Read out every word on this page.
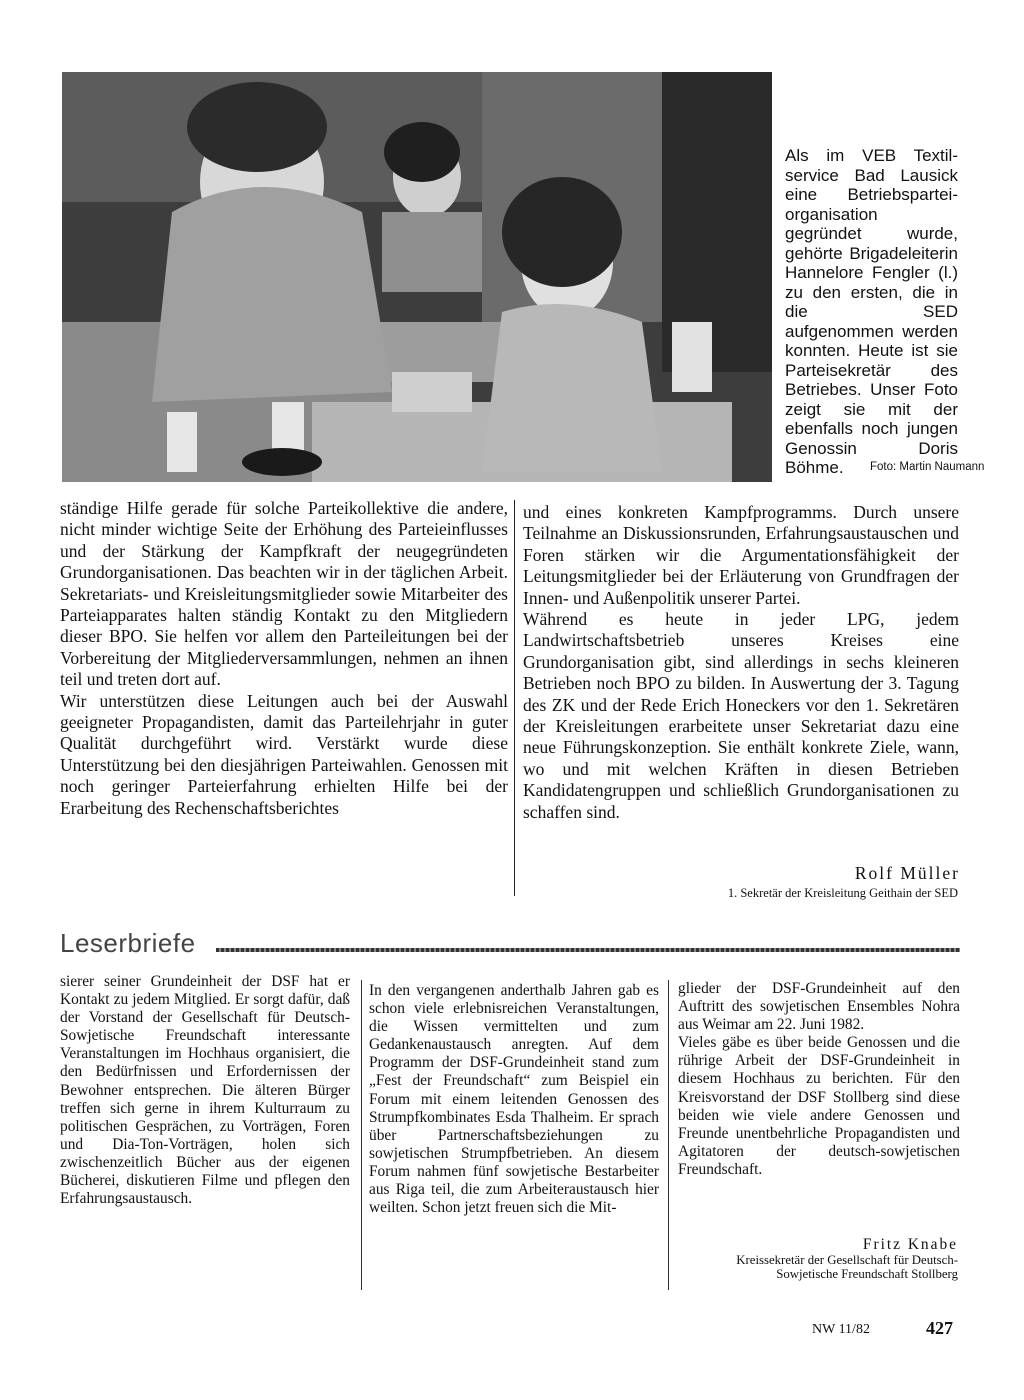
Als im VEB Textil-service Bad Lausick eine Betriebspartei-organisation gegründet wurde, gehörte Brigadeleiterin Hannelore Fengler (l.) zu den ersten, die in die SED aufgenommen werden konnten. Heute ist sie Parteisekretär des Betriebes. Unser Foto zeigt sie mit der ebenfalls noch jungen Genossin Doris Böhme.	Foto: Martin Naumann

ständige Hilfe gerade für solche Parteikollektive die andere, nicht minder wichtige Seite der Erhöhung des Parteieinflusses und der Stärkung der Kampfkraft der neugegründeten Grundorganisationen. Das beachten wir in der täglichen Arbeit. Sekretariats- und Kreisleitungsmitglieder sowie Mitarbeiter des Parteiapparates halten ständig Kontakt zu den Mitgliedern dieser BPO. Sie helfen vor allem den Parteileitungen bei der Vorbereitung der Mitgliederversammlungen, nehmen an ihnen teil und treten dort auf.

Wir unterstützen diese Leitungen auch bei der Auswahl geeigneter Propagandisten, damit das Parteilehrjahr in guter Qualität durchgeführt wird. Verstärkt wurde diese Unterstützung bei den diesjährigen Parteiwahlen. Genossen mit noch geringer Parteierfahrung erhielten Hilfe bei der Erarbeitung des Rechenschaftsberichtes

und eines konkreten Kampfprogramms. Durch unsere Teilnahme an Diskussionsrunden, Erfahrungsaustauschen und Foren stärken wir die Argumentationsfähigkeit der Leitungsmitglieder bei der Erläuterung von Grundfragen der Innen- und Außenpolitik unserer Partei.

Während es heute in jeder LPG, jedem Landwirtschaftsbetrieb unseres Kreises eine Grundorganisation gibt, sind allerdings in sechs kleineren Betrieben noch BPO zu bilden. In Auswertung der 3. Tagung des ZK und der Rede Erich Honeckers vor den 1. Sekretären der Kreisleitungen erarbeitete unser Sekretariat dazu eine neue Führungskonzeption. Sie enthält konkrete Ziele, wann, wo und mit welchen Kräften in diesen Betrieben Kandidatengruppen und schließlich Grundorganisationen zu schaffen sind.

Rolf Müller
1. Sekretär der Kreisleitung Geithain der SED
Leserbriefe

sierer seiner Grundeinheit der DSF hat er Kontakt zu jedem Mitglied. Er sorgt dafür, daß der Vorstand der Gesellschaft für Deutsch-Sowjetische Freundschaft interessante Veranstaltungen im Hochhaus organisiert, die den Bedürfnissen und Erfordernissen der Bewohner entsprechen. Die älteren Bürger treffen sich gerne in ihrem Kulturraum zu politischen Gesprächen, zu Vorträgen, Foren und Dia-Ton-Vorträgen, holen sich zwischenzeitlich Bücher aus der eigenen Bücherei, diskutieren Filme und pflegen den Erfahrungsaustausch.

In den vergangenen anderthalb Jahren gab es schon viele erlebnisreichen Veranstaltungen, die Wissen vermittelten und zum Gedankenaustausch anregten. Auf dem Programm der DSF-Grundeinheit stand zum „Fest der Freundschaft“ zum Beispiel ein Forum mit einem leitenden Genossen des Strumpfkombinates Esda Thalheim. Er sprach über Partnerschaftsbeziehungen zu sowjetischen Strumpfbetrieben. An diesem Forum nahmen fünf sowjetische Bestarbeiter aus Riga teil, die zum Arbeiteraustausch hier weilten. Schon jetzt freuen sich die Mit-

glieder der DSF-Grundeinheit auf den Auftritt des sowjetischen Ensembles Nohra aus Weimar am 22. Juni 1982.

Vieles gäbe es über beide Genossen und die rührige Arbeit der DSF-Grundeinheit in diesem Hochhaus zu berichten. Für den Kreisvorstand der DSF Stollberg sind diese beiden wie viele andere Genossen und Freunde unentbehrliche Propagandisten und Agitatoren der deutsch-sowjetischen Freundschaft.

Fritz Knabe
Kreissekretär der Gesellschaft für Deutsch-Sowjetische Freundschaft Stollberg
NW 11/82	427
